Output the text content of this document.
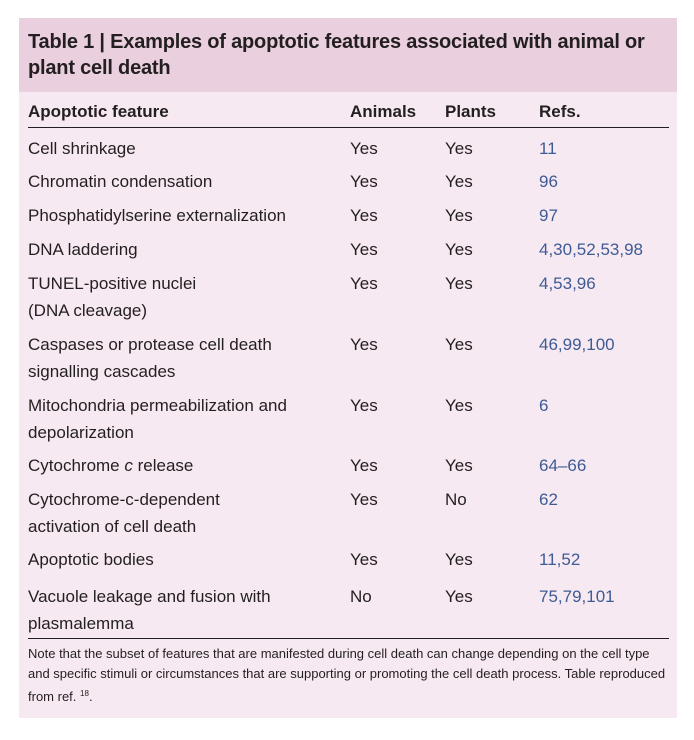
Table 1 | Examples of apoptotic features associated with animal or plant cell death
Apoptotic feature	Animals Plants	Refs.
Cell shrinkage	Yes	Yes	11
Chromatin condensation	Yes	Yes	96
Phosphatidylserine externalization	Yes	Yes	97
DNA laddering	Yes	Yes	4,30,52,53,98
TUNEL-positive nuclei
(DNA cleavage)
Yes	Yes	4,53,96
Caspases or protease cell death
signalling cascades
Yes	Yes	46,99,100
Mitochondria permeabilization and
depolarization
Yes	Yes	6
Cytochrome c release	Yes	Yes	64–66
Cytochrome-c-dependent
activation of cell death
Yes	No	62
Apoptotic bodies	Yes	Yes	11,52
Vacuole leakage and fusion with
plasmalemma
No	Yes	75,79,101

Note that the subset of features that are manifested during cell death can change depending on the cell type and specific stimuli or circumstances that are supporting or promoting the cell death process. Table reproduced from ref. $^{18}$.
